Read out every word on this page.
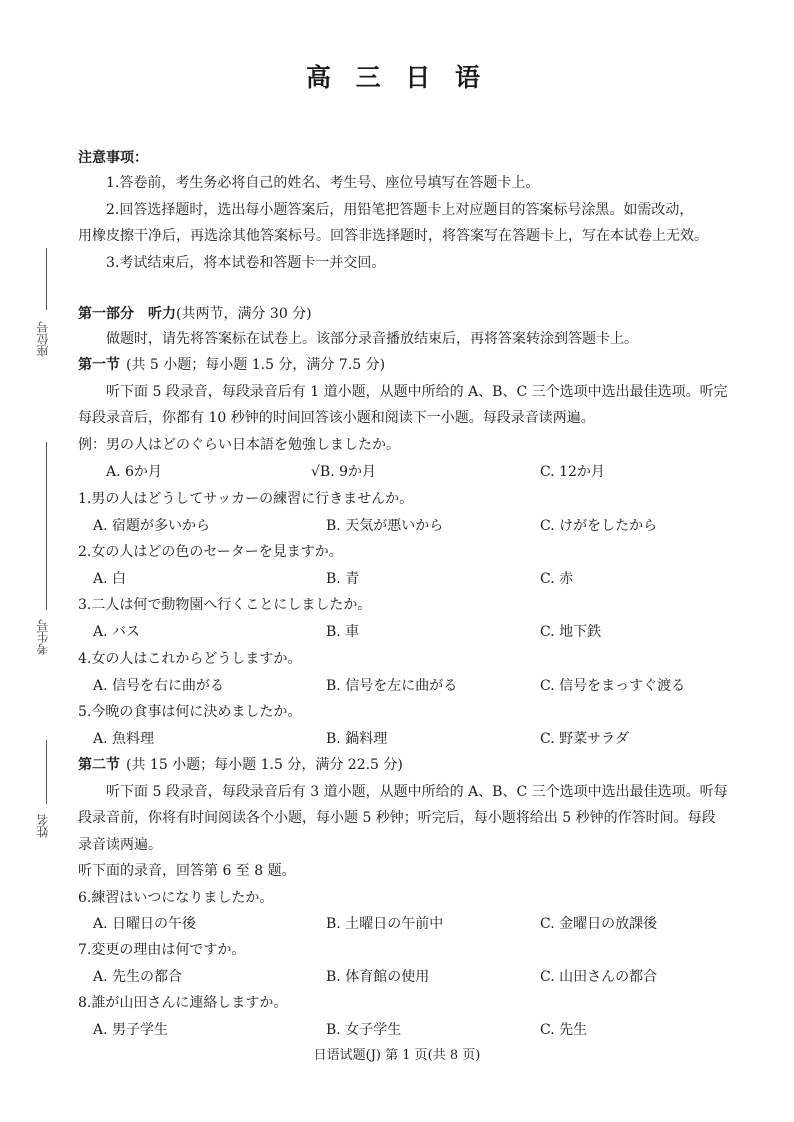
高 三 日 语
座位号
考生号
姓名
注意事项：
1.答卷前，考生务必将自己的姓名、考生号、座位号填写在答题卡上。
2.回答选择题时，选出每小题答案后，用铅笔把答题卡上对应题目的答案标号涂黑。如需改动，
用橡皮擦干净后，再选涂其他答案标号。回答非选择题时，将答案写在答题卡上，写在本试卷上无效。
3.考试结束后，将本试卷和答题卡一并交回。
第一部分　听力(共两节，满分 30 分)
做题时，请先将答案标在试卷上。该部分录音播放结束后，再将答案转涂到答题卡上。
第一节 (共 5 小题；每小题 1.5 分，满分 7.5 分)
听下面 5 段录音，每段录音后有 1 道小题，从题中所给的 A、B、C 三个选项中选出最佳选项。听完
每段录音后，你都有 10 秒钟的时间回答该小题和阅读下一小题。每段录音读两遍。
例：男の人はどのぐらい日本語を勉強しましたか。
A. 6か月	√B. 9か月	C. 12か月
1.男の人はどうしてサッカーの練習に行きませんか。
A. 宿題が多いから	B. 天気が悪いから	C. けがをしたから
2.女の人はどの色のセーターを見ますか。
A. 白	B. 青	C. 赤
3.二人は何で動物園へ行くことにしましたか。
A. バス	B. 車	C. 地下鉄
4.女の人はこれからどうしますか。
A. 信号を右に曲がる	B. 信号を左に曲がる	C. 信号をまっすぐ渡る
5.今晩の食事は何に決めましたか。
A. 魚料理	B. 鍋料理	C. 野菜サラダ
第二节 (共 15 小题；每小题 1.5 分，满分 22.5 分)
听下面 5 段录音，每段录音后有 3 道小题，从题中所给的 A、B、C 三个选项中选出最佳选项。听每
段录音前，你将有时间阅读各个小题，每小题 5 秒钟；听完后，每小题将给出 5 秒钟的作答时间。每段
录音读两遍。
听下面的录音，回答第 6 至 8 题。
6.練習はいつになりましたか。
A. 日曜日の午後	B. 土曜日の午前中	C. 金曜日の放課後
7.変更の理由は何ですか。
A. 先生の都合	B. 体育館の使用	C. 山田さんの都合
8.誰が山田さんに連絡しますか。
A. 男子学生	B. 女子学生	C. 先生
日语试题(J) 第 1 页(共 8 页)
